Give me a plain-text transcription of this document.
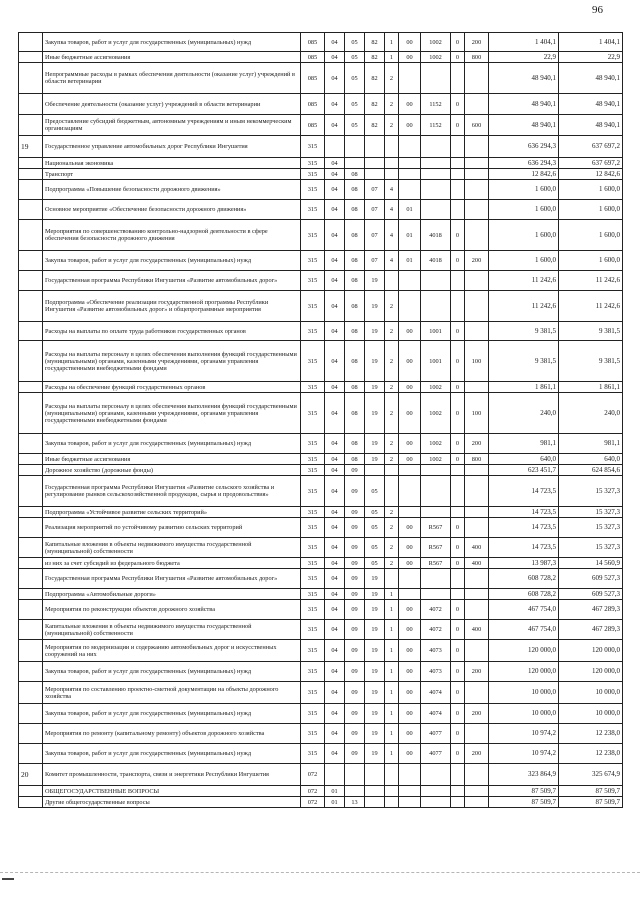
96
	Закупка товаров, работ и услуг для государственных (муниципальных) нужд	085	04	05	82	1	00	1002	0	200	1 404,1	1 404,1
	Иные бюджетные ассигнования	085	04	05	82	1	00	1002	0	800	22,9	22,9
	Непрограммные расходы в рамках обеспечения деятельности (оказание услуг) учреждений в области ветеринарии	085	04	05	82	2					48 940,1	48 940,1
	Обеспечение деятельности (оказание услуг) учреждений в области ветеринарии	085	04	05	82	2	00	1152	0		48 940,1	48 940,1
	Предоставление субсидий бюджетным, автономным учреждениям и иным некоммерческим организациям	085	04	05	82	2	00	1152	0	600	48 940,1	48 940,1
19	Государственное управление автомобильных дорог Республики Ингушетия	315									636 294,3	637 697,2
	Национальная экономика	315	04								636 294,3	637 697,2
	Транспорт	315	04	08							12 842,6	12 842,6
	Подпрограмма «Повышение безопасности дорожного движения»	315	04	08	07	4					1 600,0	1 600,0
	Основное мероприятие «Обеспечение безопасности дорожного движения»	315	04	08	07	4	01				1 600,0	1 600,0
	Мероприятия по совершенствованию контрольно-надзорной деятельности в сфере обеспечения безопасности дорожного движения	315	04	08	07	4	01	4018	0		1 600,0	1 600,0
	Закупка товаров, работ и услуг для государственных (муниципальных) нужд	315	04	08	07	4	01	4018	0	200	1 600,0	1 600,0
	Государственная программа Республики Ингушетия «Развитие автомобильных дорог»	315	04	08	19						11 242,6	11 242,6
	Подпрограмма «Обеспечение реализации государственной программы Республики Ингушетия «Развитие автомобильных дорог» и общепрограммные мероприятия	315	04	08	19	2					11 242,6	11 242,6
	Расходы на выплаты по оплате труда работников государственных органов	315	04	08	19	2	00	1001	0		9 381,5	9 381,5
	Расходы на выплаты персоналу в целях обеспечения выполнения функций государственными (муниципальными) органами, казенными учреждениями, органами управления государственными внебюджетными фондами	315	04	08	19	2	00	1001	0	100	9 381,5	9 381,5
	Расходы на обеспечение функций государственных органов	315	04	08	19	2	00	1002	0		1 861,1	1 861,1
	Расходы на выплаты персоналу в целях обеспечения выполнения функций государственными (муниципальными) органами, казенными учреждениями, органами управления государственными внебюджетными фондами	315	04	08	19	2	00	1002	0	100	240,0	240,0
	Закупка товаров, работ и услуг для государственных (муниципальных) нужд	315	04	08	19	2	00	1002	0	200	981,1	981,1
	Иные бюджетные ассигнования	315	04	08	19	2	00	1002	0	800	640,0	640,0
	Дорожное хозяйство (дорожные фонды)	315	04	09							623 451,7	624 854,6
	Государственная программа Республики Ингушетия «Развитие сельского хозяйства и регулирование рынков сельскохозяйственной продукции, сырья и продовольствия»	315	04	09	05						14 723,5	15 327,3
	Подпрограмма «Устойчивое развитие сельских территорий»	315	04	09	05	2					14 723,5	15 327,3
	Реализация мероприятий по устойчивому развитию сельских территорий	315	04	09	05	2	00	R567	0		14 723,5	15 327,3
	Капитальные вложения в объекты недвижимого имущества государственной (муниципальной) собственности	315	04	09	05	2	00	R567	0	400	14 723,5	15 327,3
	из них за счет субсидий из федерального бюджета	315	04	09	05	2	00	R567	0	400	13 987,3	14 560,9
	Государственная программа Республики Ингушетия «Развитие автомобильных дорог»	315	04	09	19						608 728,2	609 527,3
	Подпрограмма «Автомобильные дороги»	315	04	09	19	1					608 728,2	609 527,3
	Мероприятия по реконструкции объектов дорожного хозяйства	315	04	09	19	1	00	4072	0		467 754,0	467 289,3
	Капитальные вложения в объекты недвижимого имущества государственной (муниципальной) собственности	315	04	09	19	1	00	4072	0	400	467 754,0	467 289,3
	Мероприятия по модернизации и содержанию автомобильных дорог и искусственных сооружений на них	315	04	09	19	1	00	4073	0		120 000,0	120 000,0
	Закупка товаров, работ и услуг для государственных (муниципальных) нужд	315	04	09	19	1	00	4073	0	200	120 000,0	120 000,0
	Мероприятия по составлению проектно-сметной документации на объекты дорожного хозяйства	315	04	09	19	1	00	4074	0		10 000,0	10 000,0
	Закупка товаров, работ и услуг для государственных (муниципальных) нужд	315	04	09	19	1	00	4074	0	200	10 000,0	10 000,0
	Мероприятия по ремонту (капитальному ремонту) объектов дорожного хозяйства	315	04	09	19	1	00	4077	0		10 974,2	12 238,0
	Закупка товаров, работ и услуг для государственных (муниципальных) нужд	315	04	09	19	1	00	4077	0	200	10 974,2	12 238,0
20	Комитет промышленности, транспорта, связи и энергетики Республики Ингушетия	072									323 864,9	325 674,9
	ОБЩЕГОСУДАРСТВЕННЫЕ ВОПРОСЫ	072	01								87 509,7	87 509,7
	Другие общегосударственные вопросы	072	01	13							87 509,7	87 509,7
